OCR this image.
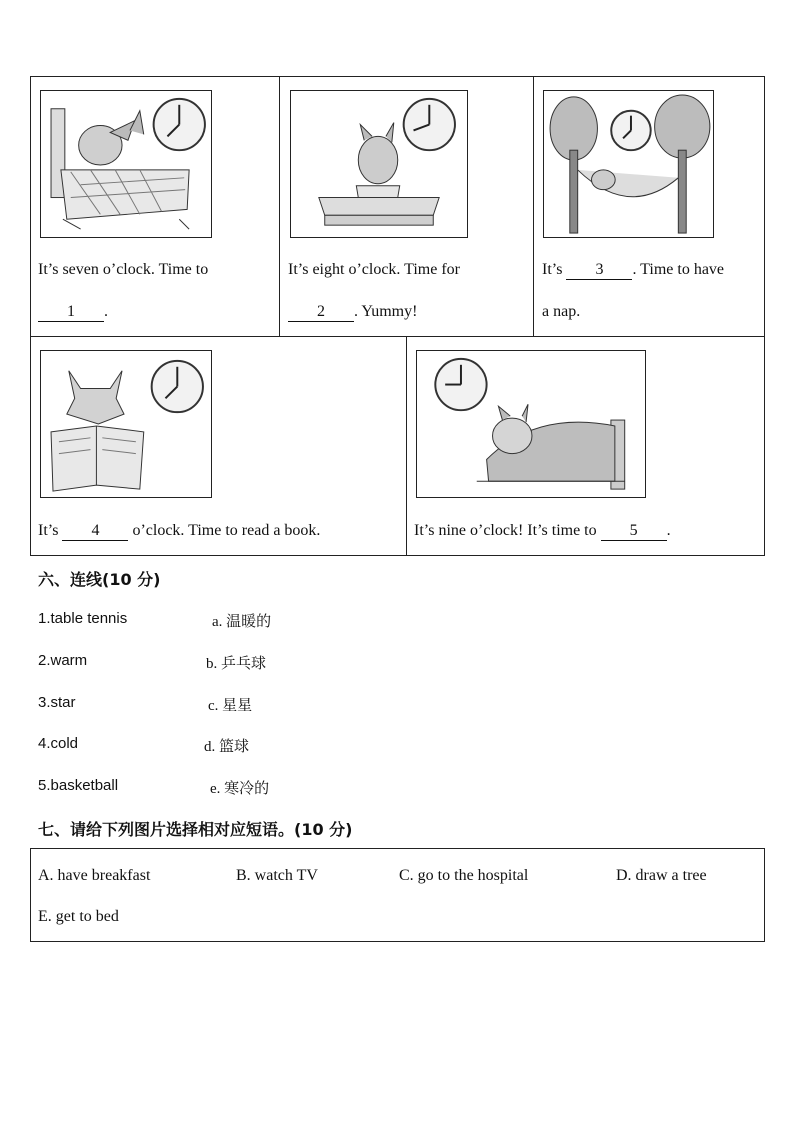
It’s seven o’clock. Time to
1 .
It’s eight o’clock. Time for
2 . Yummy!
It’s 3 . Time to have
a nap.
It’s 4 o’clock. Time to read a book.	It’s nine o’clock! It’s time to 5 .
六、连线(10 分)
1.table tennis
2.warm
3.star
4.cold
5.basketball
a. 温暖的
b. 乒乓球
c. 星星
d. 篮球
e. 寒冷的
七、请给下列图片选择相对应短语。(10 分)
A. have breakfast	B. watch TV	C. go to the hospital	D. draw a tree
E. get to bed
